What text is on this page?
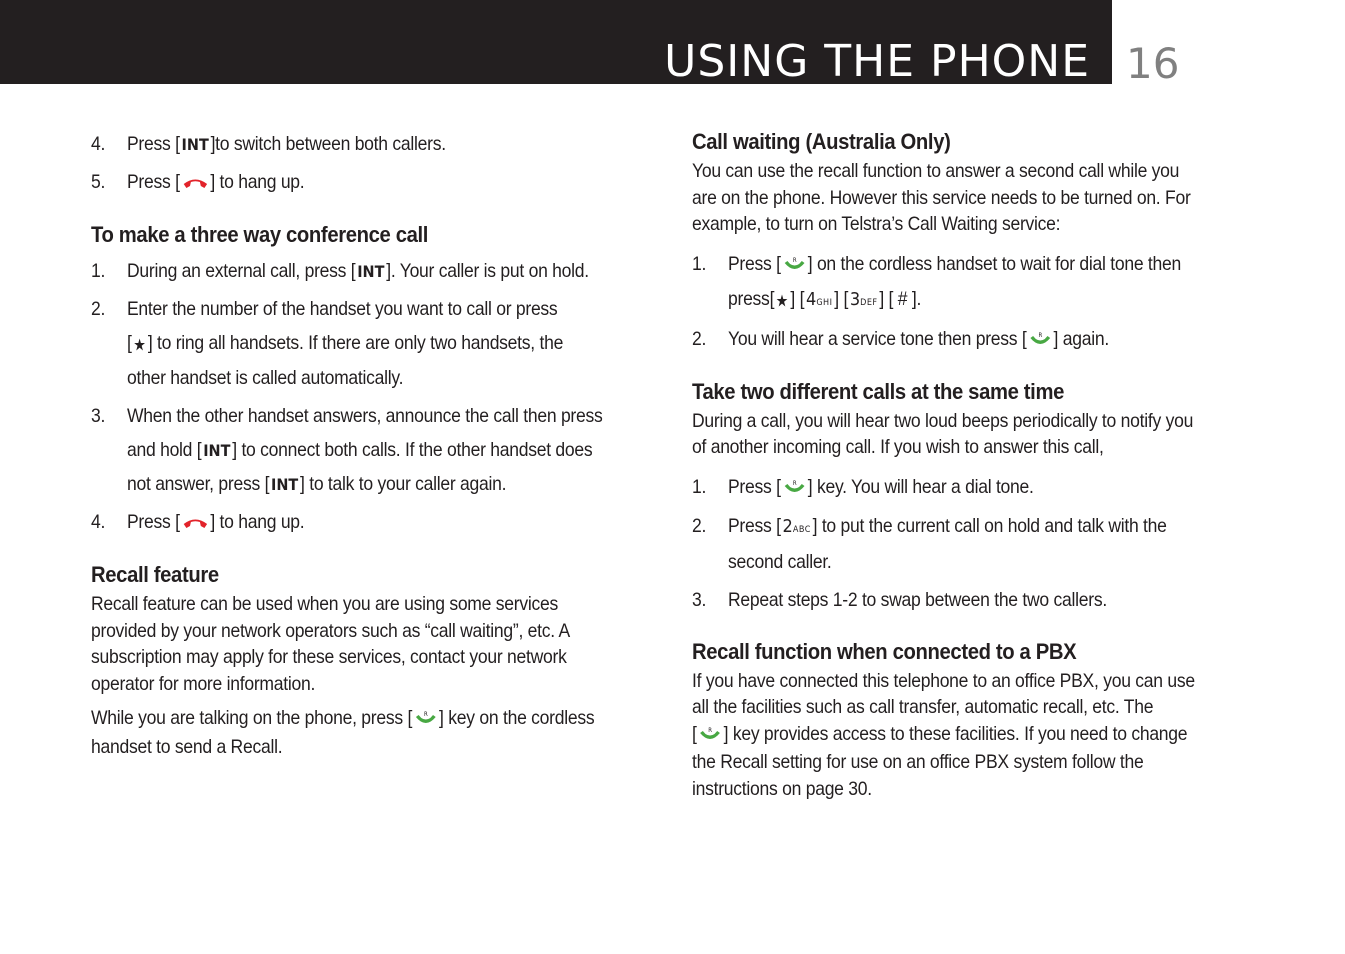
USING THE PHONE 16
4. Press [ INT]to switch between both callers.
5. Press [ ] to hang up.
To make a three way conference call
1. During an external call, press [ INT]. Your caller is put on hold.
2. Enter the number of the handset you want to call or press
[ ] to ring all handsets. If there are only two handsets, the
other handset is called automatically.
3. When the other handset answers, announce the call then press
and hold [ INT] to connect both calls. If the other handset does
not answer, press [ INT] to talk to your caller again.
4. Press [ ] to hang up.
Recall feature
Recall feature can be used when you are using some services
provided by your network operators such as “call waiting”, etc. A
subscription may apply for these services, contact your network
operator for more information.
While you are talking on the phone, press [ R ] key on the cordless
handset to send a Recall.
Call waiting (Australia Only)
You can use the recall function to answer a second call while you
are on the phone. However this service needs to be turned on. For
example, to turn on Telstra’s Call Waiting service:
1. Press [ R ] on the cordless handset to wait for dial tone then
press[ ] [4GHI] [3DEF] [ # ].
2. You will hear a service tone then press [ R ] again.
Take two different calls at the same time
During a call, you will hear two loud beeps periodically to notify you
of another incoming call. If you wish to answer this call,
1. Press [ R ] key. You will hear a dial tone.
2. Press [2ABC] to put the current call on hold and talk with the
second caller.
3. Repeat steps 1-2 to swap between the two callers.
Recall function when connected to a PBX
If you have connected this telephone to an office PBX, you can use
all the facilities such as call transfer, automatic recall, etc. The
[ R ] key provides access to these facilities. If you need to change
the Recall setting for use on an office PBX system follow the
instructions on page 30.
